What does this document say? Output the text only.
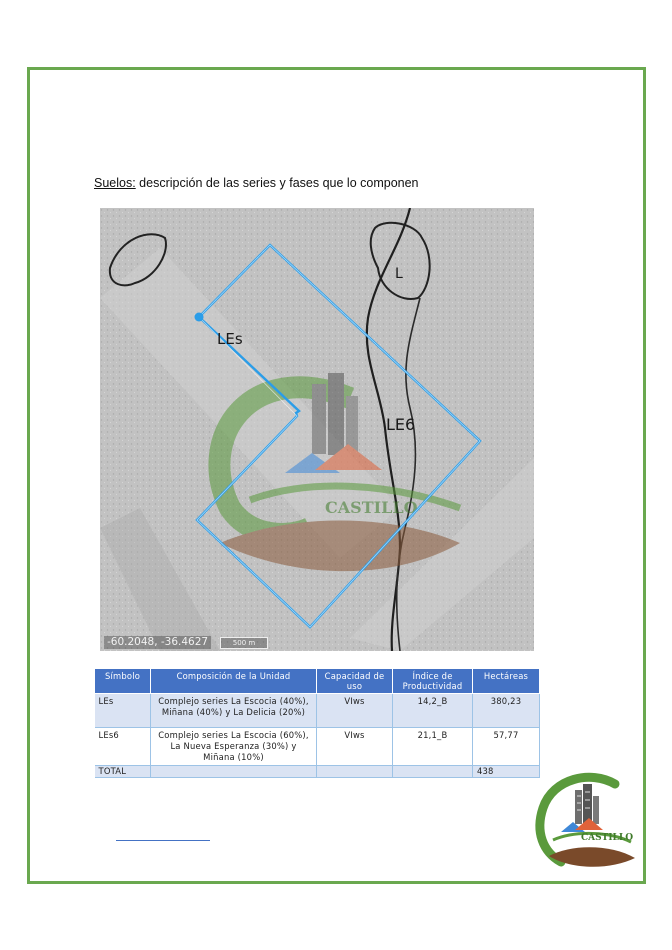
Suelos: descripción de las series y fases que lo componen
CASTILLO
LEs
LE6
L
-60.2048, -36.4627	500 m
Símbolo	Composición de la Unidad	Capacidad de uso	Índice de Productividad	Hectáreas
LEs	Complejo series La Escocia (40%), Miñana (40%) y La Delicia (20%)	VIws	14,2_B	380,23
LEs6	Complejo series La Escocia (60%), La Nueva Esperanza (30%) y Miñana (10%)	VIws	21,1_B	57,77
TOTAL				438
CASTILLO
